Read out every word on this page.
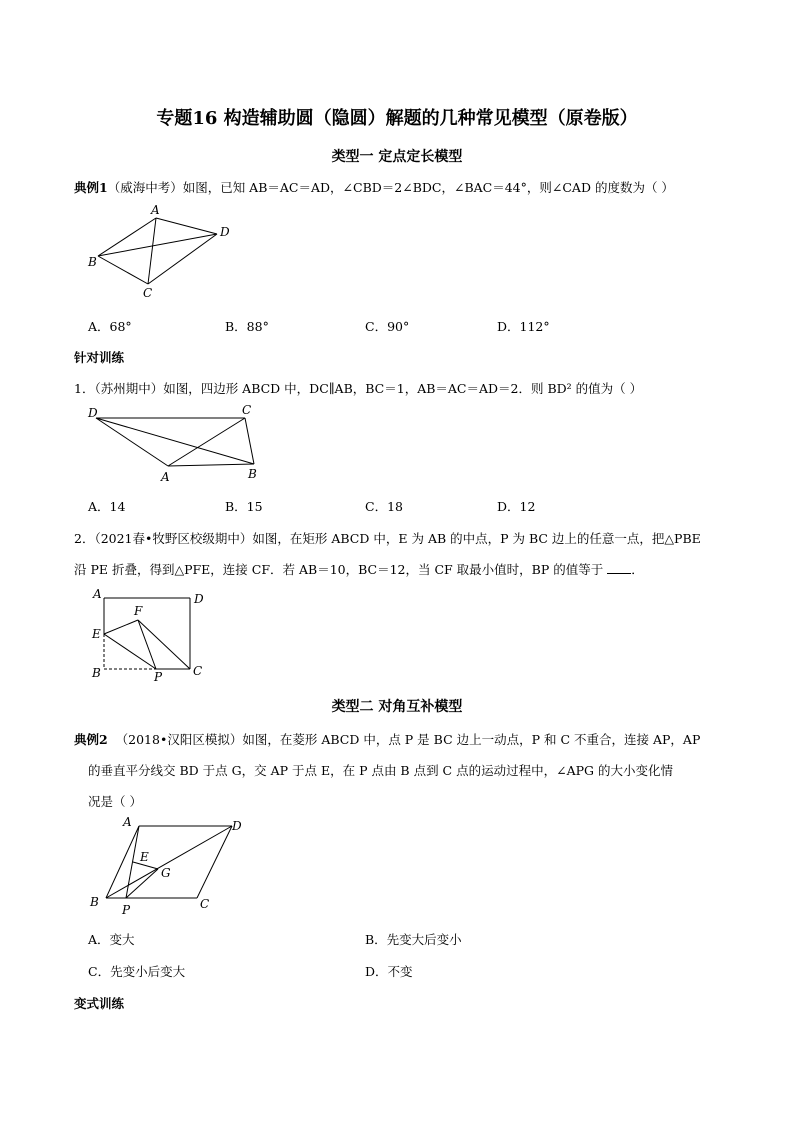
专题16 构造辅助圆（隐圆）解题的几种常见模型（原卷版）
类型一 定点定长模型
典例1（威海中考）如图，已知 AB＝AC＝AD，∠CBD＝2∠BDC，∠BAC＝44°，则∠CAD 的度数为（ ）
A
B
C
D
A．68°	B．88°	C．90°	D．112°
针对训练
1．（苏州期中）如图，四边形 ABCD 中，DC∥AB，BC＝1，AB＝AC＝AD＝2．则 BD² 的值为（ ）
D	C
A	B
A．14	B．15	C．18	D．12
2．（2021春•牧野区校级期中）如图，在矩形 ABCD 中，E 为 AB 的中点，P 为 BC 边上的任意一点，把△PBE
沿 PE 折叠，得到△PFE，连接 CF．若 AB＝10，BC＝12，当 CF 取最小值时，BP 的值等于 ．
A	D
F
E
B	P	C
类型二 对角互补模型
典例2 （2018•汉阳区模拟）如图，在菱形 ABCD 中，点 P 是 BC 边上一动点，P 和 C 不重合，连接 AP，AP
的垂直平分线交 BD 于点 G，交 AP 于点 E，在 P 点由 B 点到 C 点的运动过程中，∠APG 的大小变化情
况是（ ）
A	D
E
G
B
P	C
A．变大	B．先变大后变小
C．先变小后变大	D．不变
变式训练
